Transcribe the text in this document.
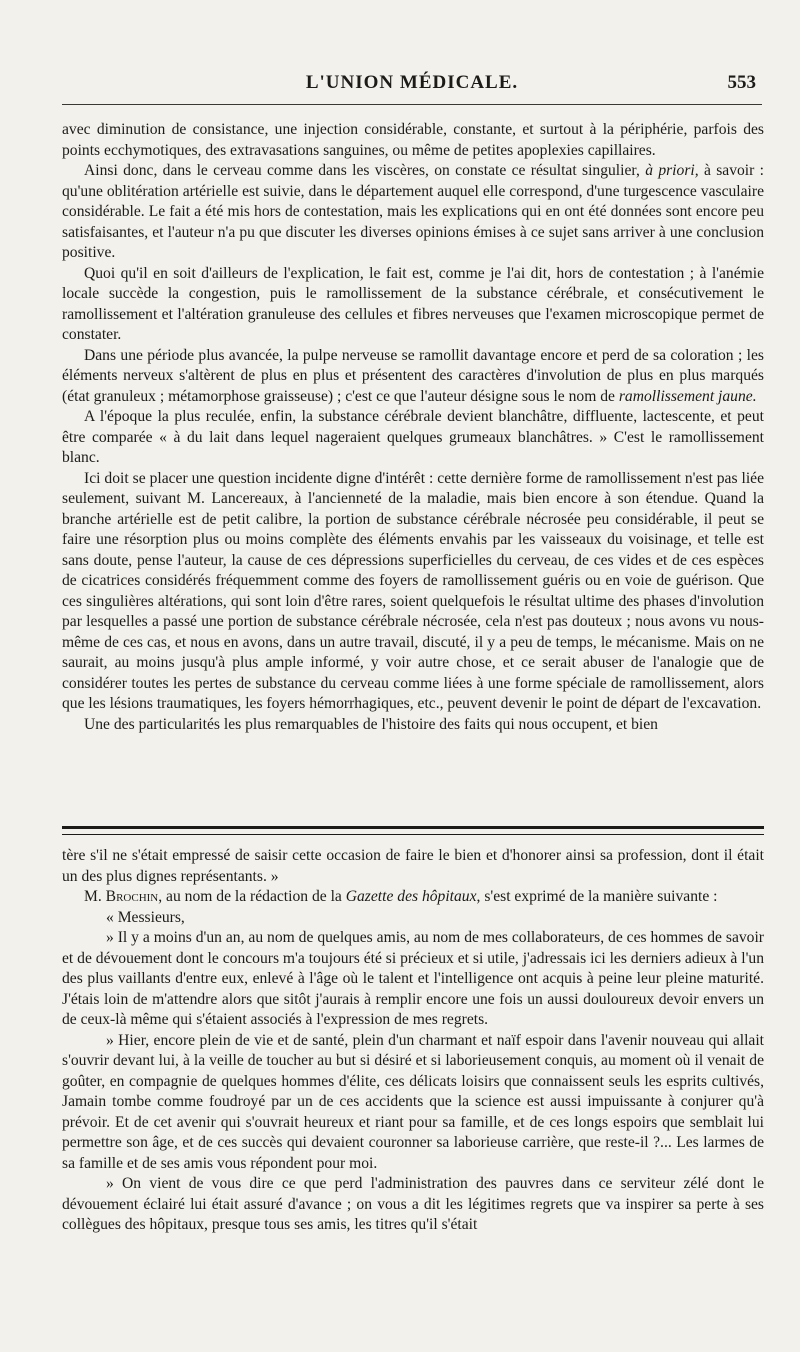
L'UNION MÉDICALE.	553

avec diminution de consistance, une injection considérable, constante, et surtout à la périphérie, parfois des points ecchymotiques, des extravasations sanguines, ou même de petites apoplexies capillaires.

Ainsi donc, dans le cerveau comme dans les viscères, on constate ce résultat singulier, à priori, à savoir : qu'une oblitération artérielle est suivie, dans le département auquel elle correspond, d'une turgescence vasculaire considérable. Le fait a été mis hors de contestation, mais les explications qui en ont été données sont encore peu satisfaisantes, et l'auteur n'a pu que discuter les diverses opinions émises à ce sujet sans arriver à une conclusion positive.

Quoi qu'il en soit d'ailleurs de l'explication, le fait est, comme je l'ai dit, hors de contestation ; à l'anémie locale succède la congestion, puis le ramollissement de la substance cérébrale, et consécutivement le ramollissement et l'altération granuleuse des cellules et fibres nerveuses que l'examen microscopique permet de constater.

Dans une période plus avancée, la pulpe nerveuse se ramollit davantage encore et perd de sa coloration ; les éléments nerveux s'altèrent de plus en plus et présentent des caractères d'involution de plus en plus marqués (état granuleux ; métamorphose graisseuse) ; c'est ce que l'auteur désigne sous le nom de ramollissement jaune.

A l'époque la plus reculée, enfin, la substance cérébrale devient blanchâtre, diffluente, lactescente, et peut être comparée « à du lait dans lequel nageraient quelques grumeaux blanchâtres. » C'est le ramollissement blanc.

Ici doit se placer une question incidente digne d'intérêt : cette dernière forme de ramollissement n'est pas liée seulement, suivant M. Lancereaux, à l'ancienneté de la maladie, mais bien encore à son étendue. Quand la branche artérielle est de petit calibre, la portion de substance cérébrale nécrosée peu considérable, il peut se faire une résorption plus ou moins complète des éléments envahis par les vaisseaux du voisinage, et telle est sans doute, pense l'auteur, la cause de ces dépressions superficielles du cerveau, de ces vides et de ces espèces de cicatrices considérés fréquemment comme des foyers de ramollissement guéris ou en voie de guérison. Que ces singulières altérations, qui sont loin d'être rares, soient quelquefois le résultat ultime des phases d'involution par lesquelles a passé une portion de substance cérébrale nécrosée, cela n'est pas douteux ; nous avons vu nous-même de ces cas, et nous en avons, dans un autre travail, discuté, il y a peu de temps, le mécanisme. Mais on ne saurait, au moins jusqu'à plus ample informé, y voir autre chose, et ce serait abuser de l'analogie que de considérer toutes les pertes de substance du cerveau comme liées à une forme spéciale de ramollissement, alors que les lésions traumatiques, les foyers hémorrhagiques, etc., peuvent devenir le point de départ de l'excavation.

Une des particularités les plus remarquables de l'histoire des faits qui nous occupent, et bien

tère s'il ne s'était empressé de saisir cette occasion de faire le bien et d'honorer ainsi sa profession, dont il était un des plus dignes représentants. »

M. Brochin, au nom de la rédaction de la Gazette des hôpitaux, s'est exprimé de la manière suivante :

« Messieurs,

» Il y a moins d'un an, au nom de quelques amis, au nom de mes collaborateurs, de ces hommes de savoir et de dévouement dont le concours m'a toujours été si précieux et si utile, j'adressais ici les derniers adieux à l'un des plus vaillants d'entre eux, enlevé à l'âge où le talent et l'intelligence ont acquis à peine leur pleine maturité. J'étais loin de m'attendre alors que sitôt j'aurais à remplir encore une fois un aussi douloureux devoir envers un de ceux-là même qui s'étaient associés à l'expression de mes regrets.

» Hier, encore plein de vie et de santé, plein d'un charmant et naïf espoir dans l'avenir nouveau qui allait s'ouvrir devant lui, à la veille de toucher au but si désiré et si laborieusement conquis, au moment où il venait de goûter, en compagnie de quelques hommes d'élite, ces délicats loisirs que connaissent seuls les esprits cultivés, Jamain tombe comme foudroyé par un de ces accidents que la science est aussi impuissante à conjurer qu'à prévoir. Et de cet avenir qui s'ouvrait heureux et riant pour sa famille, et de ces longs espoirs que semblait lui permettre son âge, et de ces succès qui devaient couronner sa laborieuse carrière, que reste-il ?... Les larmes de sa famille et de ses amis vous répondent pour moi.

» On vient de vous dire ce que perd l'administration des pauvres dans ce serviteur zélé dont le dévouement éclairé lui était assuré d'avance ; on vous a dit les légitimes regrets que va inspirer sa perte à ses collègues des hôpitaux, presque tous ses amis, les titres qu'il s'était
